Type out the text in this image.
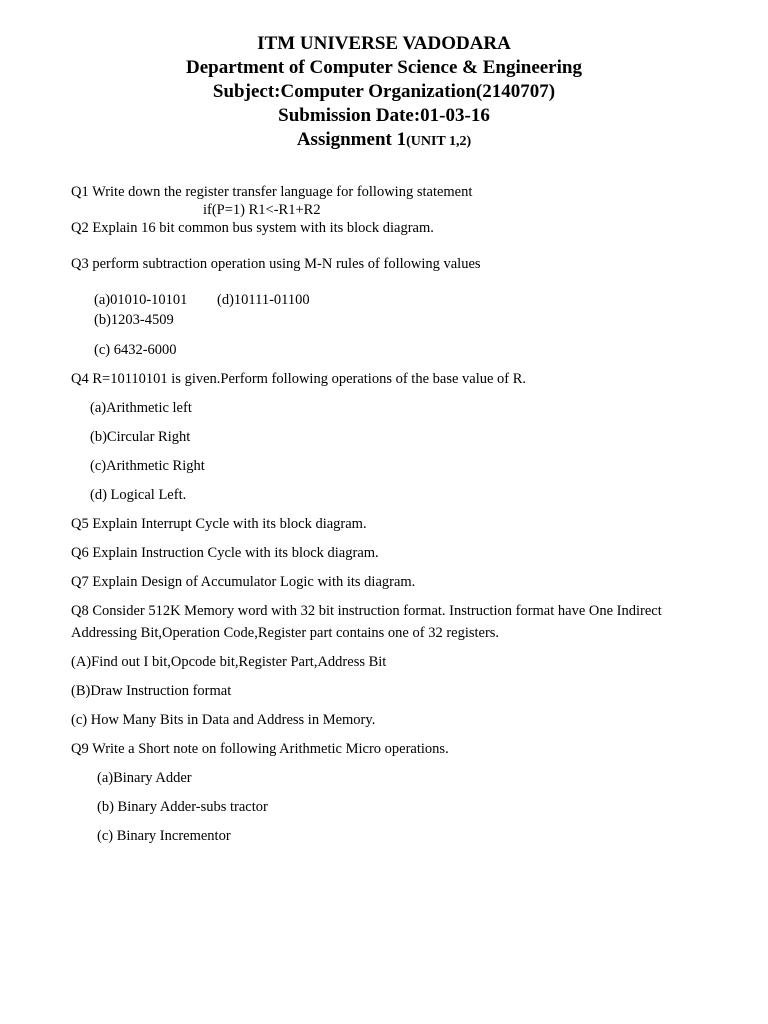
ITM UNIVERSE VADODARA
Department of Computer Science & Engineering
Subject:Computer Organization(2140707)
Submission Date:01-03-16
Assignment 1(UNIT 1,2)
Q1 Write down the register transfer language for following statement
if(P=1) R1<-R1+R2
Q2 Explain 16 bit common bus system with its block diagram.
Q3 perform subtraction operation using M-N rules of following values
(a)01010-10101 (d)10111-01100
(b)1203-4509
(c) 6432-6000
Q4 R=10110101 is given.Perform following operations of the base value of R.
(a)Arithmetic left
(b)Circular Right
(c)Arithmetic Right
(d) Logical Left.
Q5 Explain Interrupt Cycle with its block diagram.
Q6 Explain Instruction Cycle with its block diagram.
Q7 Explain Design of Accumulator Logic with its diagram.
Q8 Consider 512K Memory word with 32 bit instruction format. Instruction format have One Indirect
Addressing Bit,Operation Code,Register part contains one of 32 registers.
(A)Find out I bit,Opcode bit,Register Part,Address Bit
(B)Draw Instruction format
(c) How Many Bits in Data and Address in Memory.
Q9 Write a Short note on following Arithmetic Micro operations.
(a)Binary Adder
(b) Binary Adder-subs tractor
(c) Binary Incrementor
